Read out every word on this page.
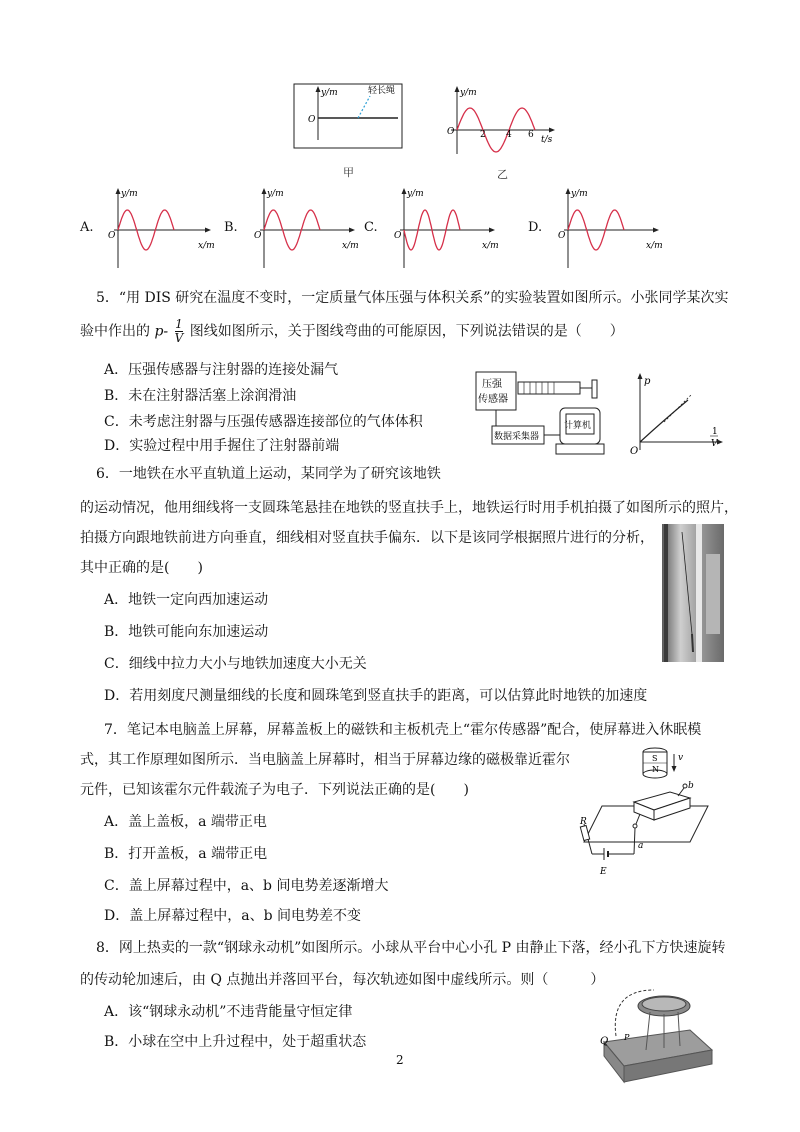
y/m
O
轻长绳	y/m
O
t/s
2 4 6
甲	乙
y/m
O
x/m
y/m
O
x/m
y/m
O
x/m
y/m
O
x/m
5．“用 DIS 研究在温度不变时，一定质量气体压强与体积关系”的实验装置如图所示。小张同学某次实
验中作出的 $p- \frac{1}{V}$ 图线如图所示，关于图线弯曲的可能原因，下列说法错误的是（　　）
A．压强传感器与注射器的连接处漏气
B．未在注射器活塞上涂润滑油
C．未考虑注射器与压强传感器连接部位的气体体积
D．实验过程中用手握住了注射器前端
压强
传感器
数据采集器
计算机
p
O
1
V
6．一地铁在水平直轨道上运动，某同学为了研究该地铁
的运动情况，他用细线将一支圆珠笔悬挂在地铁的竖直扶手上，地铁运行时用手机拍摄了如图所示的照片，
拍摄方向跟地铁前进方向垂直，细线相对竖直扶手偏东．以下是该同学根据照片进行的分析，
其中正确的是(　　)
A．地铁一定向西加速运动
B．地铁可能向东加速运动
C．细线中拉力大小与地铁加速度大小无关
D．若用刻度尺测量细线的长度和圆珠笔到竖直扶手的距离，可以估算此时地铁的加速度
7．笔记本电脑盖上屏幕，屏幕盖板上的磁铁和主板机壳上“霍尔传感器”配合，使屏幕进入休眠模
式，其工作原理如图所示．当电脑盖上屏幕时，相当于屏幕边缘的磁极靠近霍尔
元件，已知该霍尔元件载流子为电子．下列说法正确的是(　　)
A．盖上盖板，a 端带正电
B．打开盖板，a 端带正电
C．盖上屏幕过程中，a、b 间电势差逐渐增大
D．盖上屏幕过程中，a、b 间电势差不变
S
N
v
b
a
R
E
8．网上热卖的一款“钢球永动机”如图所示。小球从平台中心小孔 P 由静止下落，经小孔下方快速旋转
的传动轮加速后，由 Q 点抛出并落回平台，每次轨迹如图中虚线所示。则（　　　）
A．该“钢球永动机”不违背能量守恒定律
B．小球在空中上升过程中，处于超重状态	Q P
2
A.	B.	C.	D.
